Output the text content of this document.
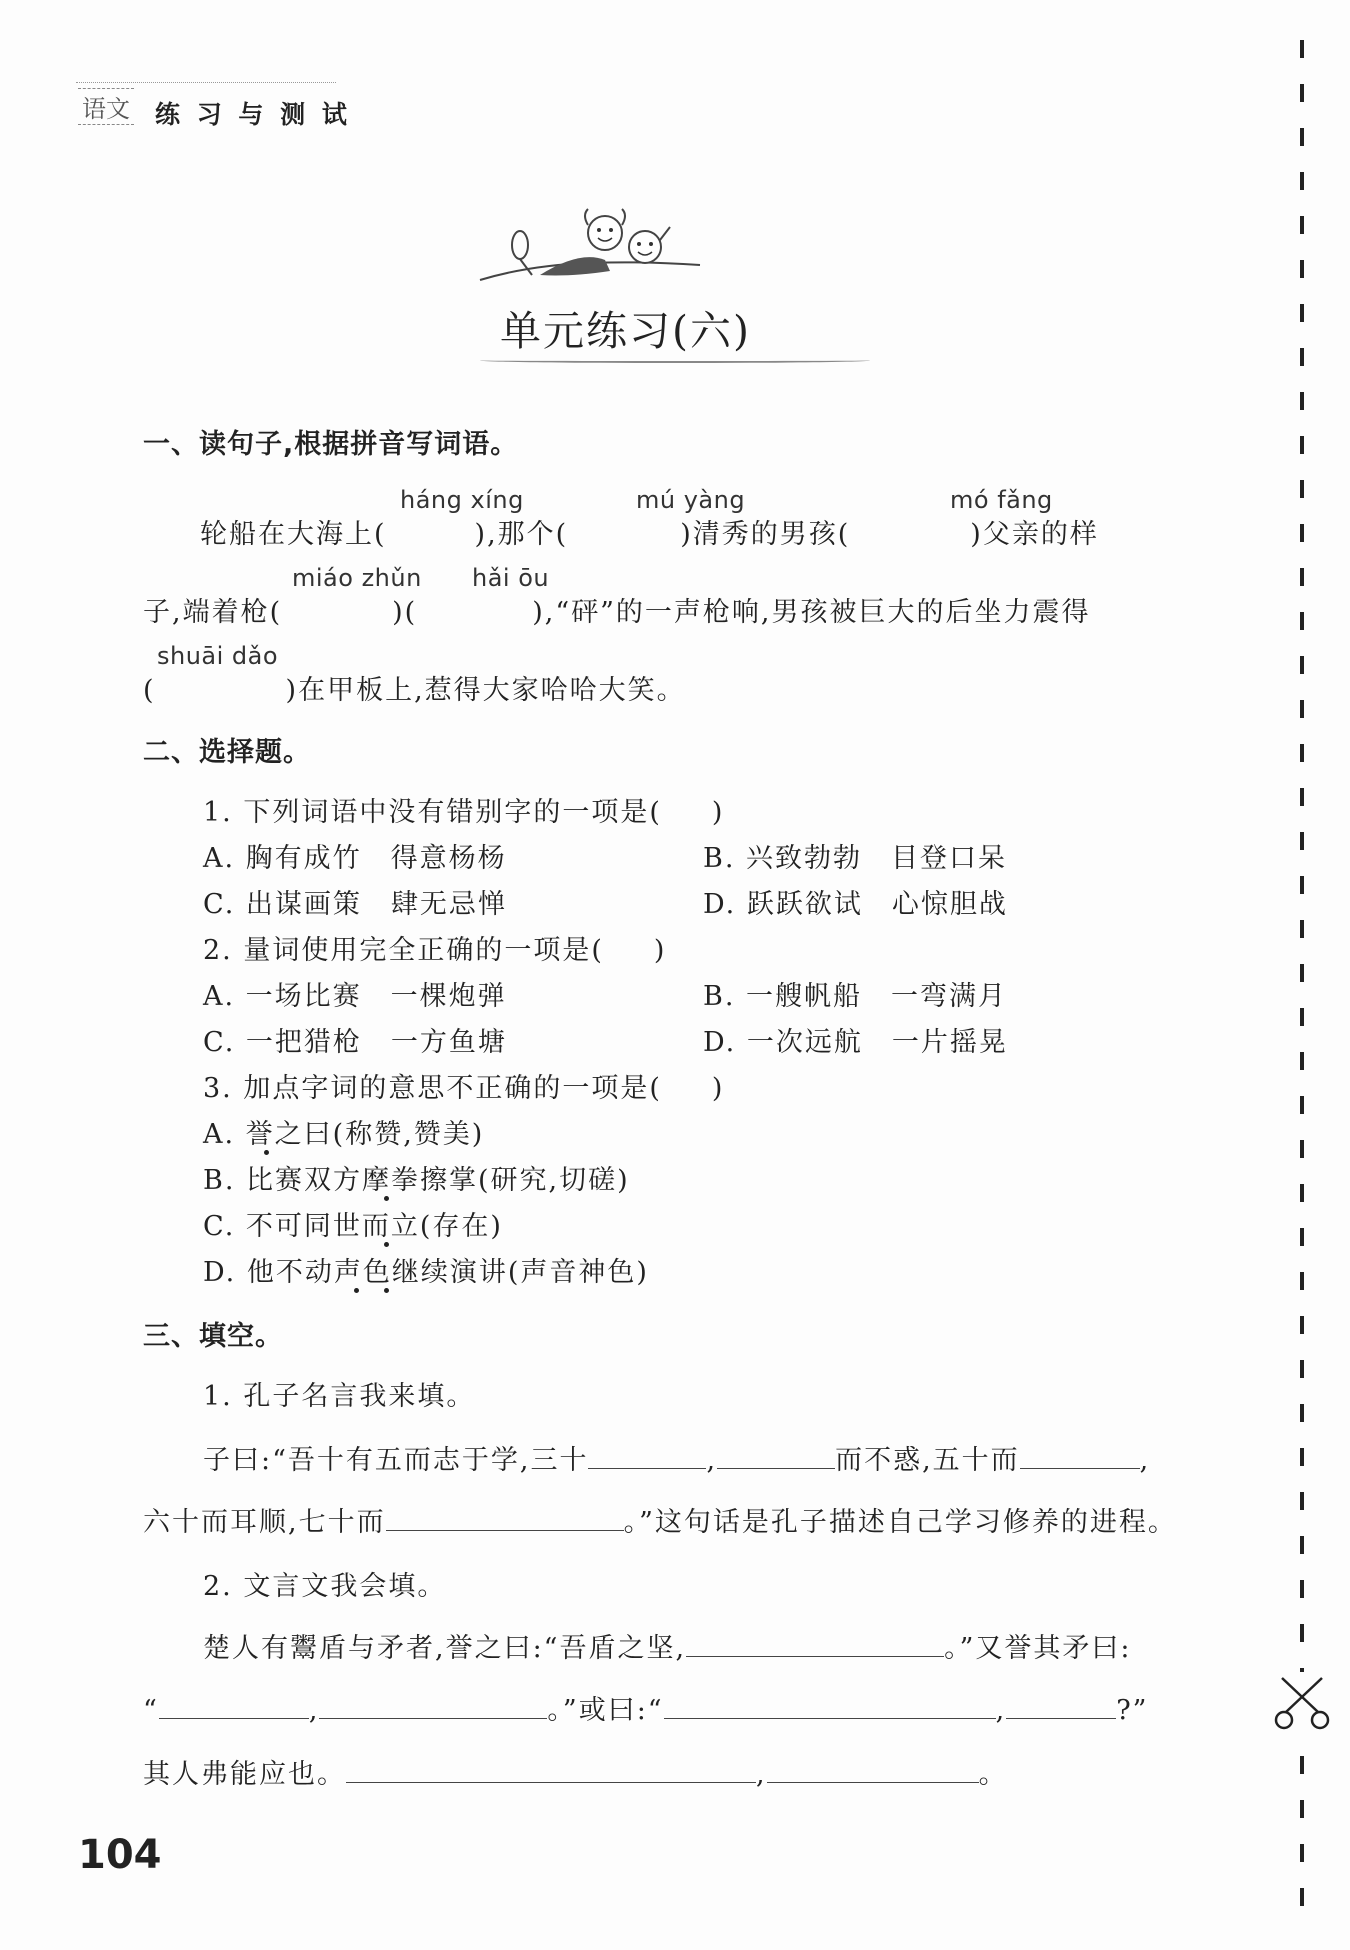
语文 练 习 与 测 试
单元练习(六)
一、读句子,根据拼音写词语。
háng xíng	mú yàng	mó fǎng
轮船在大海上(	),那个(	)清秀的男孩(	)父亲的样
miáo zhǔn hǎi ōu
子,端着枪(	)(	),“砰”的一声枪响,男孩被巨大的后坐力震得
shuāi dǎo
(	)在甲板上,惹得大家哈哈大笑。
二、选择题。
1. 下列词语中没有错别字的一项是( )
A. 胸有成竹　得意杨杨	B. 兴致勃勃　目登口呆
C. 出谋画策　肆无忌惮	D. 跃跃欲试　心惊胆战
2. 量词使用完全正确的一项是( )
A. 一场比赛　一棵炮弹	B. 一艘帆船　一弯满月
C. 一把猎枪　一方鱼塘	D. 一次远航　一片摇晃
3. 加点字词的意思不正确的一项是( )
A. 誉之曰(称赞,赞美)
B. 比赛双方摩拳擦掌(研究,切磋)
C. 不可同世而立(存在)
D. 他不动声色继续演讲(声音神色)
三、填空。
1. 孔子名言我来填。
子曰:“吾十有五而志于学,三十	,	而不惑,五十而	,
六十而耳顺,七十而	。”这句话是孔子描述自己学习修养的进程。
2. 文言文我会填。
楚人有鬻盾与矛者,誉之曰:“吾盾之坚,	。”又誉其矛曰:
“	,	。”或曰:“	,	?”
其人弗能应也。	,	。
104
